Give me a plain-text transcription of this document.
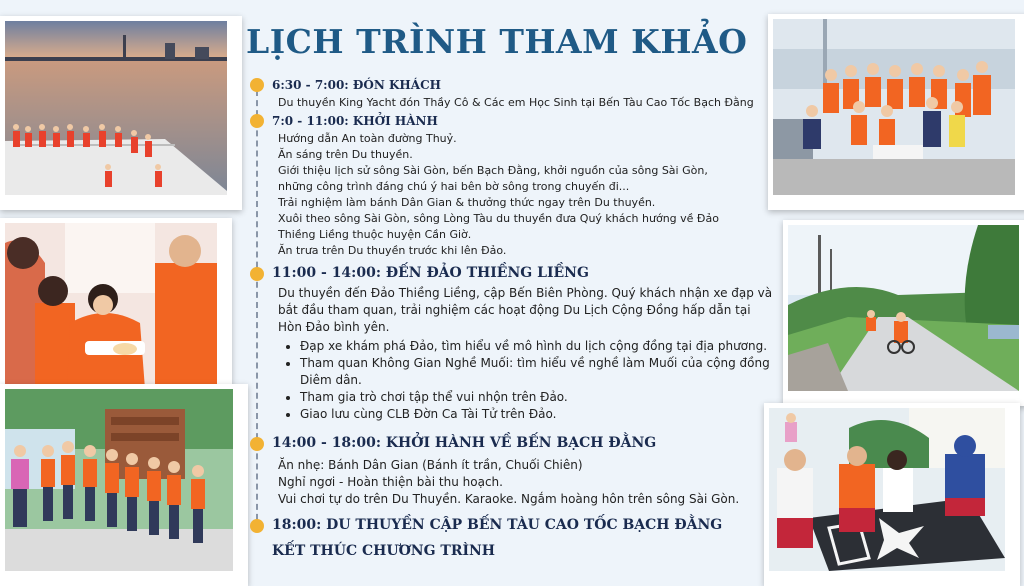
LỊCH TRÌNH THAM KHẢO
6:30 - 7:00: ĐÓN KHÁCH

Du thuyền King Yacht đón Thầy Cô & Các em Học Sinh tại Bến Tàu Cao Tốc Bạch Đằng

7:0 - 11:00: KHỞI HÀNH

Hướng dẫn An toàn đường Thuỷ.

Ăn sáng trên Du thuyền.

Giới thiệu lịch sử sông Sài Gòn, bến Bạch Đằng, khởi nguồn của sông Sài Gòn,

những công trình đáng chú ý hai bên bờ sông trong chuyến đi...

Trải nghiệm làm bánh Dân Gian & thưởng thức ngay trên Du thuyền.

Xuôi theo sông Sài Gòn, sông Lòng Tàu du thuyền đưa Quý khách hướng về Đảo

Thiềng Liềng thuộc huyện Cần Giờ.

Ăn trưa trên Du thuyền trước khi lên Đảo.

11:00 - 14:00: ĐẾN ĐẢO THIỀNG LIỀNG

Du thuyền đến Đảo Thiềng Liềng, cập Bến Biên Phòng. Quý khách nhận xe đạp và

bắt đầu tham quan, trải nghiệm các hoạt động Du Lịch Cộng Đồng hấp dẫn tại

Hòn Đảo bình yên.

• Đạp xe khám phá Đảo, tìm hiểu về mô hình du lịch cộng đồng tại địa phương.
• Tham quan Không Gian Nghề Muối: tìm hiểu về nghề làm Muối của cộng đồng
Diêm dân.
• Tham gia trò chơi tập thể vui nhộn trên Đảo.
• Giao lưu cùng CLB Đờn Ca Tài Tử trên Đảo.
14:00 - 18:00: KHỞI HÀNH VỀ BẾN BẠCH ĐẰNG

Ăn nhẹ: Bánh Dân Gian (Bánh ít trần, Chuối Chiên)

Nghỉ ngơi - Hoàn thiện bài thu hoạch.

Vui chơi tự do trên Du Thuyền. Karaoke. Ngắm hoàng hôn trên sông Sài Gòn.

18:00: DU THUYỀN CẬP BẾN TÀU CAO TỐC BẠCH ĐẰNG
KẾT THÚC CHƯƠNG TRÌNH
